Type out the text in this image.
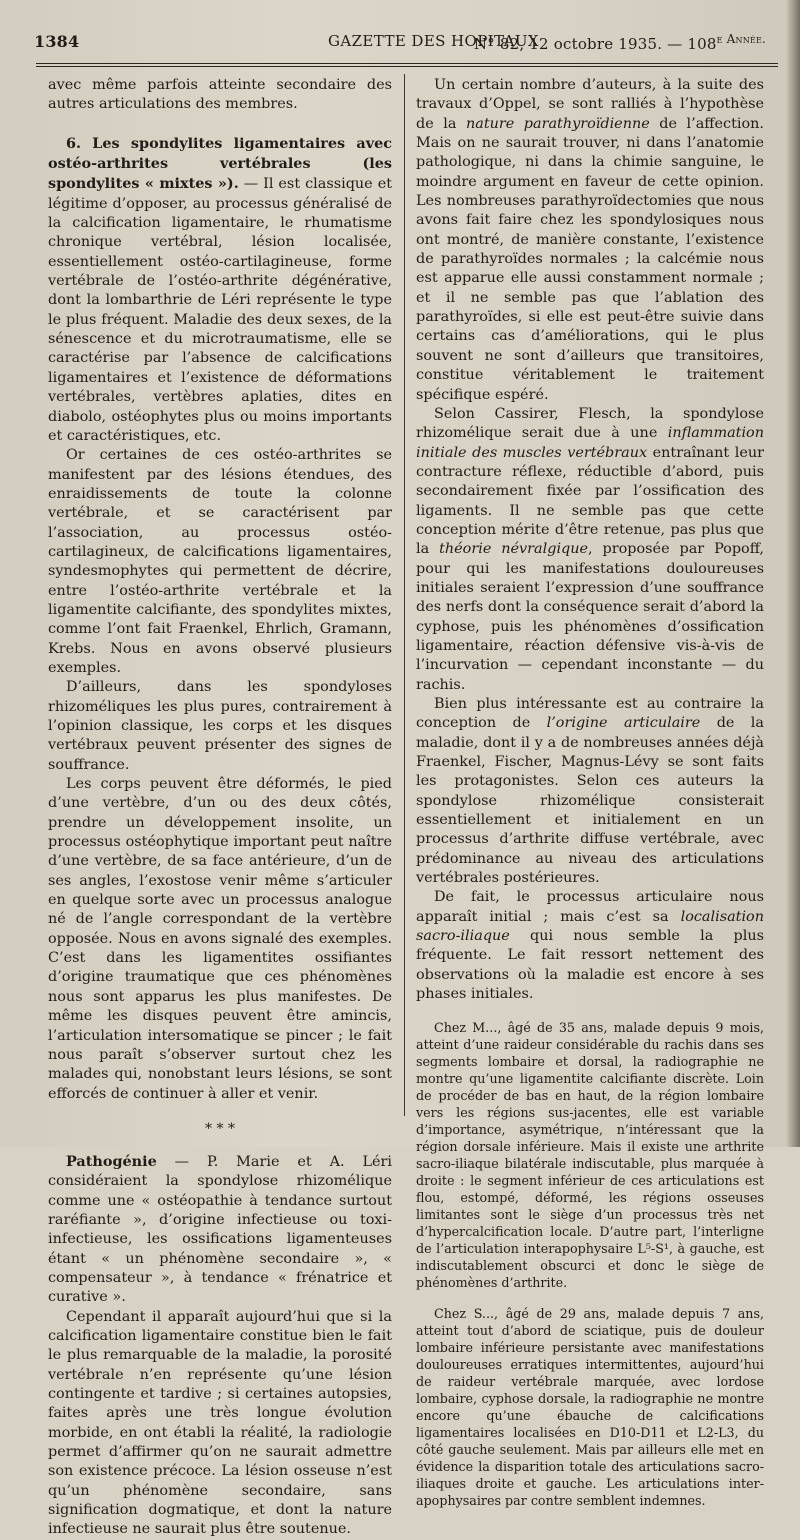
1384	GAZETTE DES HOPITAUX
N° 82, 12 octobre 1935. — $108^{e Année.}$

avec même parfois atteinte secondaire des autres articulations des membres.

6. Les spondylites ligamentaires avec ostéo-arthrites vertébrales (les spondylites « mixtes »). — Il est classique et légitime d’opposer, au processus généralisé de la calcification ligamentaire, le rhumatisme chronique vertébral, lésion localisée, essentiellement ostéo-cartilagineuse, forme vertébrale de l’ostéo-arthrite dégénérative, dont la lombarthrie de Léri représente le type le plus fréquent. Maladie des deux sexes, de la sénescence et du microtraumatisme, elle se caractérise par l’absence de calcifications ligamentaires et l’existence de déformations vertébrales, vertèbres aplaties, dites en diabolo, ostéophytes plus ou moins importants et caractéristiques, etc.

Or certaines de ces ostéo-arthrites se manifestent par des lésions étendues, des enraidissements de toute la colonne vertébrale, et se caractérisent par l’association, au processus ostéo-cartilagineux, de calcifications ligamentaires, syndesmophytes qui permettent de décrire, entre l’ostéo-arthrite vertébrale et la ligamentite calcifiante, des spondylites mixtes, comme l’ont fait Fraenkel, Ehrlich, Gramann, Krebs. Nous en avons observé plusieurs exemples.

D’ailleurs, dans les spondyloses rhizoméliques les plus pures, contrairement à l’opinion classique, les corps et les disques vertébraux peuvent présenter des signes de souffrance.

Les corps peuvent être déformés, le pied d’une vertèbre, d’un ou des deux côtés, prendre un développement insolite, un processus ostéophytique important peut naître d’une vertèbre, de sa face antérieure, d’un de ses angles, l’exostose venir même s’articuler en quelque sorte avec un processus analogue né de l’angle correspondant de la vertèbre opposée. Nous en avons signalé des exemples. C’est dans les ligamentites ossifiantes d’origine traumatique que ces phénomènes nous sont apparus les plus manifestes. De même les disques peuvent être amincis, l’articulation intersomatique se pincer ; le fait nous paraît s’observer surtout chez les malades qui, nonobstant leurs lésions, se sont efforcés de continuer à aller et venir.

* * *

Pathogénie — P. Marie et A. Léri considéraient la spondylose rhizomélique comme une « ostéopathie à tendance surtout raréfiante », d’origine infectieuse ou toxi-infectieuse, les ossifications ligamenteuses étant « un phénomène secondaire », « compensateur », à tendance « frénatrice et curative ».

Cependant il apparaît aujourd’hui que si la calcification ligamentaire constitue bien le fait le plus remarquable de la maladie, la porosité vertébrale n’en représente qu’une lésion contingente et tardive ; si certaines autopsies, faites après une très longue évolution morbide, en ont établi la réalité, la radiologie permet d’affirmer qu’on ne saurait admettre son existence précoce. La lésion osseuse n’est qu’un phénomène secondaire, sans signification dogmatique, et dont la nature infectieuse ne saurait plus être soutenue.

Un certain nombre d’auteurs, à la suite des travaux d’Oppel, se sont ralliés à l’hypothèse de la nature parathyroïdienne de l’affection. Mais on ne saurait trouver, ni dans l’anatomie pathologique, ni dans la chimie sanguine, le moindre argument en faveur de cette opinion. Les nombreuses parathyroïdectomies que nous avons fait faire chez les spondylosiques nous ont montré, de manière constante, l’existence de parathyroïdes normales ; la calcémie nous est apparue elle aussi constamment normale ; et il ne semble pas que l’ablation des parathyroïdes, si elle est peut-être suivie dans certains cas d’améliorations, qui le plus souvent ne sont d’ailleurs que transitoires, constitue véritablement le traitement spécifique espéré.

Selon Cassirer, Flesch, la spondylose rhizomélique serait due à une inflammation initiale des muscles vertébraux entraînant leur contracture réflexe, réductible d’abord, puis secondairement fixée par l’ossification des ligaments. Il ne semble pas que cette conception mérite d’être retenue, pas plus que la théorie névralgique, proposée par Popoff, pour qui les manifestations douloureuses initiales seraient l’expression d’une souffrance des nerfs dont la conséquence serait d’abord la cyphose, puis les phénomènes d’ossification ligamentaire, réaction défensive vis-à-vis de l’incurvation — cependant inconstante — du rachis.

Bien plus intéressante est au contraire la conception de l’origine articulaire de la maladie, dont il y a de nombreuses années déjà Fraenkel, Fischer, Magnus-Lévy se sont faits les protagonistes. Selon ces auteurs la spondylose rhizomélique consisterait essentiellement et initialement en un processus d’arthrite diffuse vertébrale, avec prédominance au niveau des articulations vertébrales postérieures.

De fait, le processus articulaire nous apparaît initial ; mais c’est sa localisation sacro-iliaque qui nous semble la plus fréquente. Le fait ressort nettement des observations où la maladie est encore à ses phases initiales.

Chez M..., âgé de 35 ans, malade depuis 9 mois, atteint d’une raideur considérable du rachis dans ses segments lombaire et dorsal, la radiographie ne montre qu’une ligamentite calcifiante discrète. Loin de procéder de bas en haut, de la région lombaire vers les régions sus-jacentes, elle est variable d’importance, asymétrique, n’intéressant que la région dorsale inférieure. Mais il existe une arthrite sacro-iliaque bilatérale indiscutable, plus marquée à droite : le segment inférieur de ces articulations est flou, estompé, déformé, les régions osseuses limitantes sont le siège d’un processus très net d’hypercalcification locale. D’autre part, l’interligne de l’articulation interapophysaire L⁵-S¹, à gauche, est indiscutablement obscurci et donc le siège de phénomènes d’arthrite.

Chez S..., âgé de 29 ans, malade depuis 7 ans, atteint tout d’abord de sciatique, puis de douleur lombaire inférieure persistante avec manifestations douloureuses erratiques intermittentes, aujourd’hui de raideur vertébrale marquée, avec lordose lombaire, cyphose dorsale, la radiographie ne montre encore qu’une ébauche de calcifications ligamentaires localisées en D10-D11 et L2-L3, du côté gauche seulement. Mais par ailleurs elle met en évidence la disparition totale des articulations sacro-iliaques droite et gauche. Les articulations inter-apophysaires par contre semblent indemnes.
